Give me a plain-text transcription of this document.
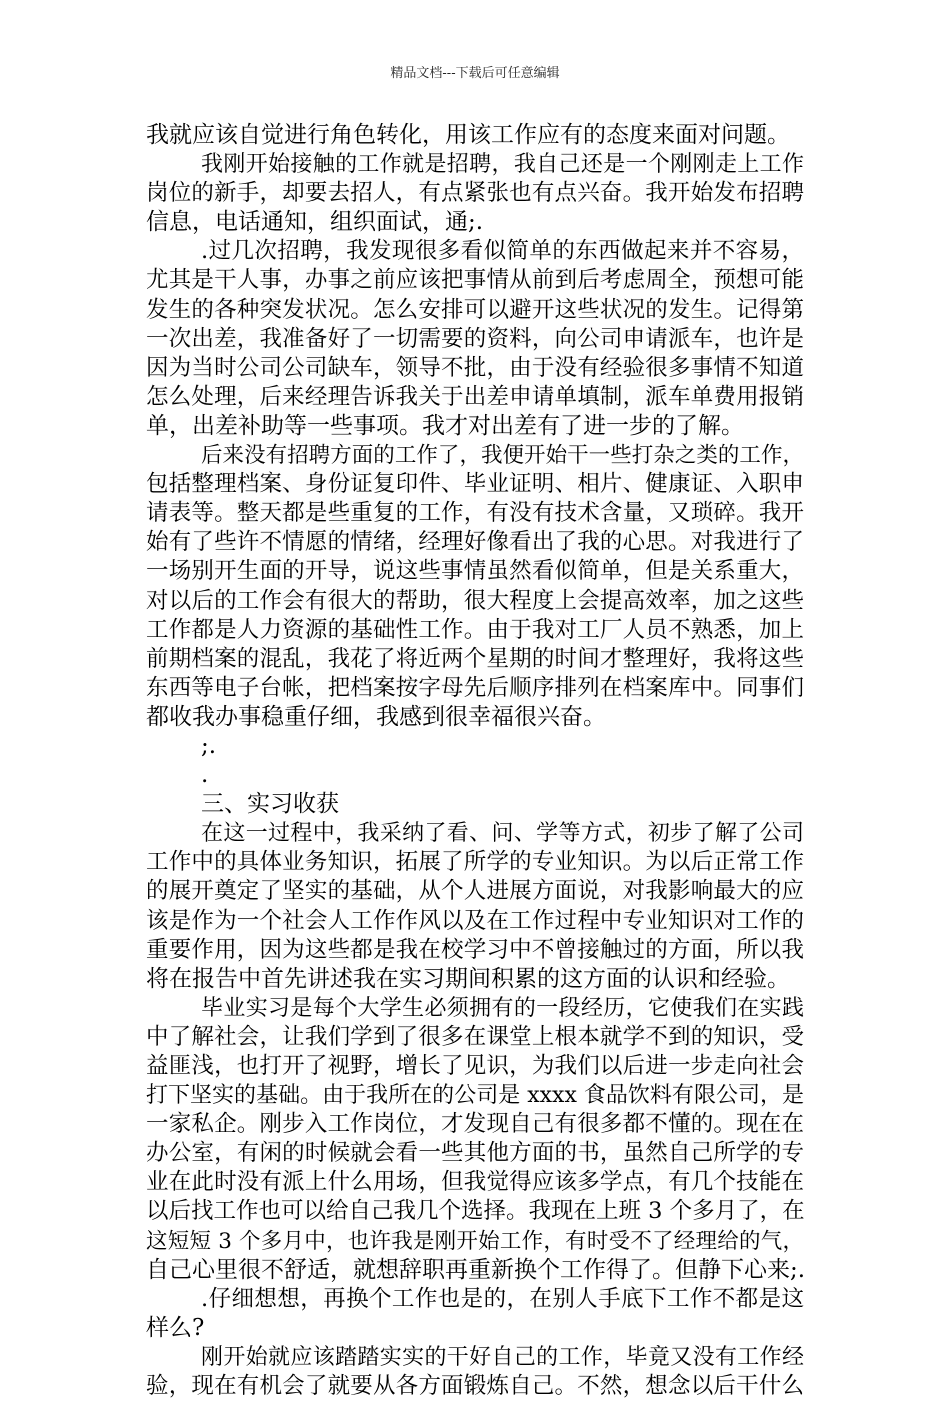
精品文档---下载后可任意编辑
我就应该自觉进行角色转化，用该工作应有的态度来面对问题。
我刚开始接触的工作就是招聘，我自己还是一个刚刚走上工作
岗位的新手，却要去招人，有点紧张也有点兴奋。我开始发布招聘
信息，电话通知，组织面试，通;.
.过几次招聘，我发现很多看似简单的东西做起来并不容易，
尤其是干人事，办事之前应该把事情从前到后考虑周全，预想可能
发生的各种突发状况。怎么安排可以避开这些状况的发生。记得第
一次出差，我准备好了一切需要的资料，向公司申请派车，也许是
因为当时公司公司缺车，领导不批，由于没有经验很多事情不知道
怎么处理，后来经理告诉我关于出差申请单填制，派车单费用报销
单，出差补助等一些事项。我才对出差有了进一步的了解。
后来没有招聘方面的工作了，我便开始干一些打杂之类的工作，
包括整理档案、身份证复印件、毕业证明、相片、健康证、入职申
请表等。整天都是些重复的工作，有没有技术含量，又琐碎。我开
始有了些许不情愿的情绪，经理好像看出了我的心思。对我进行了
一场别开生面的开导，说这些事情虽然看似简单，但是关系重大，
对以后的工作会有很大的帮助，很大程度上会提高效率，加之这些
工作都是人力资源的基础性工作。由于我对工厂人员不熟悉，加上
前期档案的混乱，我花了将近两个星期的时间才整理好，我将这些
东西等电子台帐，把档案按字母先后顺序排列在档案库中。同事们
都收我办事稳重仔细，我感到很幸福很兴奋。
;.
.
三、实习收获
在这一过程中，我采纳了看、问、学等方式，初步了解了公司
工作中的具体业务知识，拓展了所学的专业知识。为以后正常工作
的展开奠定了坚实的基础，从个人进展方面说，对我影响最大的应
该是作为一个社会人工作作风以及在工作过程中专业知识对工作的
重要作用，因为这些都是我在校学习中不曾接触过的方面，所以我
将在报告中首先讲述我在实习期间积累的这方面的认识和经验。
毕业实习是每个大学生必须拥有的一段经历，它使我们在实践
中了解社会，让我们学到了很多在课堂上根本就学不到的知识，受
益匪浅，也打开了视野，增长了见识，为我们以后进一步走向社会
打下坚实的基础。由于我所在的公司是 xxxx 食品饮料有限公司，是
一家私企。刚步入工作岗位，才发现自己有很多都不懂的。现在在
办公室，有闲的时候就会看一些其他方面的书，虽然自己所学的专
业在此时没有派上什么用场，但我觉得应该多学点，有几个技能在
以后找工作也可以给自己我几个选择。我现在上班 3 个多月了，在
这短短 3 个多月中，也许我是刚开始工作，有时受不了经理给的气，
自己心里很不舒适，就想辞职再重新换个工作得了。但静下心来;.
.仔细想想，再换个工作也是的，在别人手底下工作不都是这
样么?
刚开始就应该踏踏实实的干好自己的工作，毕竟又没有工作经
验，现在有机会了就要从各方面锻炼自己。不然，想念以后干什么
